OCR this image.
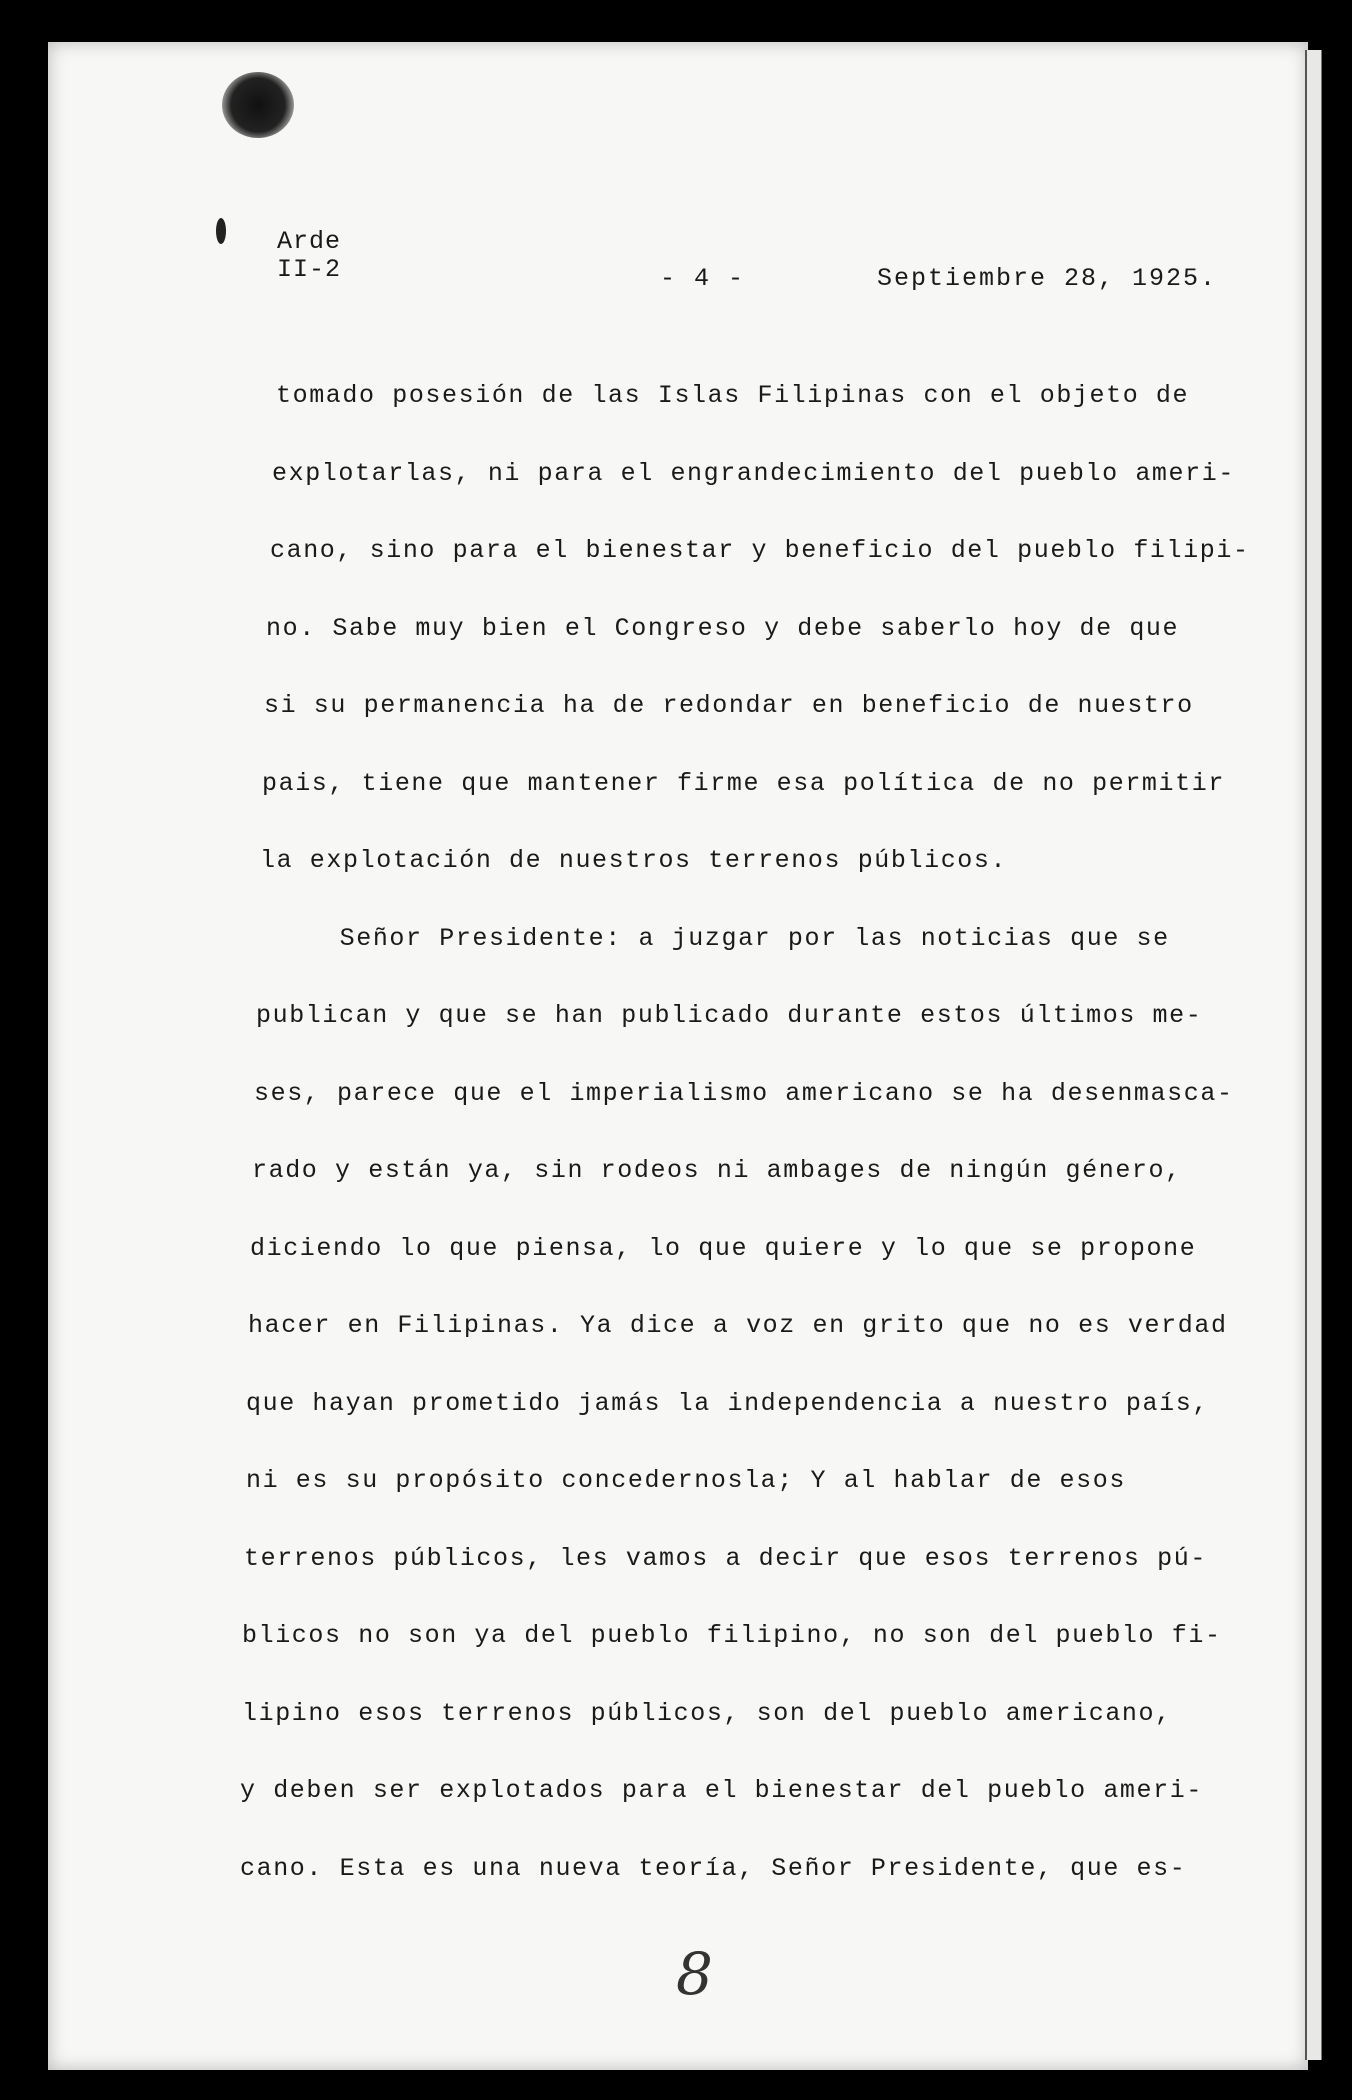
Arde
II-2	- 4 -	Septiembre 28, 1925.
tomado posesión de las Islas Filipinas con el objeto de
explotarlas, ni para el engrandecimiento del pueblo ameri-
cano, sino para el bienestar y beneficio del pueblo filipi-
no. Sabe muy bien el Congreso y debe saberlo hoy de que
si su permanencia ha de redondar en beneficio de nuestro
pais, tiene que mantener firme esa política de no permitir
la explotación de nuestros terrenos públicos.
Señor Presidente: a juzgar por las noticias que se
publican y que se han publicado durante estos últimos me-
ses, parece que el imperialismo americano se ha desenmasca-
rado y están ya, sin rodeos ni ambages de ningún género,
diciendo lo que piensa, lo que quiere y lo que se propone
hacer en Filipinas. Ya dice a voz en grito que no es verdad
que hayan prometido jamás la independencia a nuestro país,
ni es su propósito concedernosla; Y al hablar de esos
terrenos públicos, les vamos a decir que esos terrenos pú-
blicos no son ya del pueblo filipino, no son del pueblo fi-
lipino esos terrenos públicos, son del pueblo americano,
y deben ser explotados para el bienestar del pueblo ameri-
cano. Esta es una nueva teoría, Señor Presidente, que es-
8
